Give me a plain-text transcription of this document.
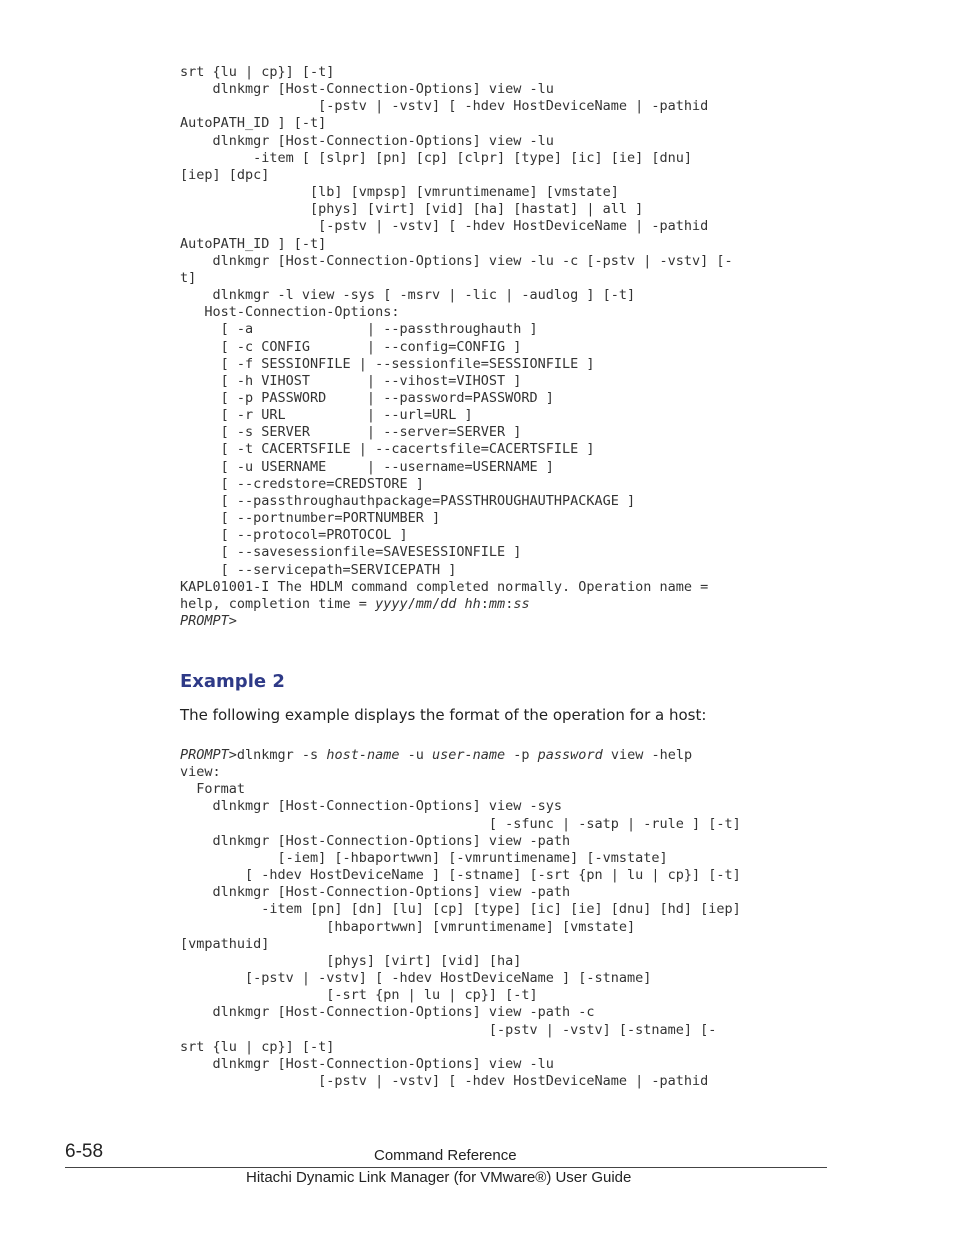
srt {lu | cp}] [-t]
dlnkmgr [Host-Connection-Options] view -lu
[-pstv | -vstv] [ -hdev HostDeviceName | -pathid
AutoPATH_ID ] [-t]
dlnkmgr [Host-Connection-Options] view -lu
-item [ [slpr] [pn] [cp] [clpr] [type] [ic] [ie] [dnu]
[iep] [dpc]
[lb] [vmpsp] [vmruntimename] [vmstate]
[phys] [virt] [vid] [ha] [hastat] | all ]
[-pstv | -vstv] [ -hdev HostDeviceName | -pathid
AutoPATH_ID ] [-t]
dlnkmgr [Host-Connection-Options] view -lu -c [-pstv | -vstv] [-
t]
dlnkmgr -l view -sys [ -msrv | -lic | -audlog ] [-t]
Host-Connection-Options:
[ -a              | --passthroughauth ]
[ -c CONFIG       | --config=CONFIG ]
[ -f SESSIONFILE | --sessionfile=SESSIONFILE ]
[ -h VIHOST       | --vihost=VIHOST ]
[ -p PASSWORD     | --password=PASSWORD ]
[ -r URL          | --url=URL ]
[ -s SERVER       | --server=SERVER ]
[ -t CACERTSFILE | --cacertsfile=CACERTSFILE ]
[ -u USERNAME     | --username=USERNAME ]
[ --credstore=CREDSTORE ]
[ --passthroughauthpackage=PASSTHROUGHAUTHPACKAGE ]
[ --portnumber=PORTNUMBER ]
[ --protocol=PROTOCOL ]
[ --savesessionfile=SAVESESSIONFILE ]
[ --servicepath=SERVICEPATH ]
KAPL01001-I The HDLM command completed normally. Operation name =
help, completion time = yyyy/mm/dd hh:mm:ss
PROMPT>
Example 2

The following example displays the format of the operation for a host:

PROMPT>dlnkmgr -s host-name -u user-name -p password view -help
view:
Format
dlnkmgr [Host-Connection-Options] view -sys
[ -sfunc | -satp | -rule ] [-t]
dlnkmgr [Host-Connection-Options] view -path
[-iem] [-hbaportwwn] [-vmruntimename] [-vmstate]
[ -hdev HostDeviceName ] [-stname] [-srt {pn | lu | cp}] [-t]
dlnkmgr [Host-Connection-Options] view -path
-item [pn] [dn] [lu] [cp] [type] [ic] [ie] [dnu] [hd] [iep]
[hbaportwwn] [vmruntimename] [vmstate]
[vmpathuid]
[phys] [virt] [vid] [ha]
[-pstv | -vstv] [ -hdev HostDeviceName ] [-stname]
[-srt {pn | lu | cp}] [-t]
dlnkmgr [Host-Connection-Options] view -path -c
[-pstv | -vstv] [-stname] [-
srt {lu | cp}] [-t]
dlnkmgr [Host-Connection-Options] view -lu
[-pstv | -vstv] [ -hdev HostDeviceName | -pathid
6-58	Command Reference
Hitachi Dynamic Link Manager (for VMware®) User Guide
